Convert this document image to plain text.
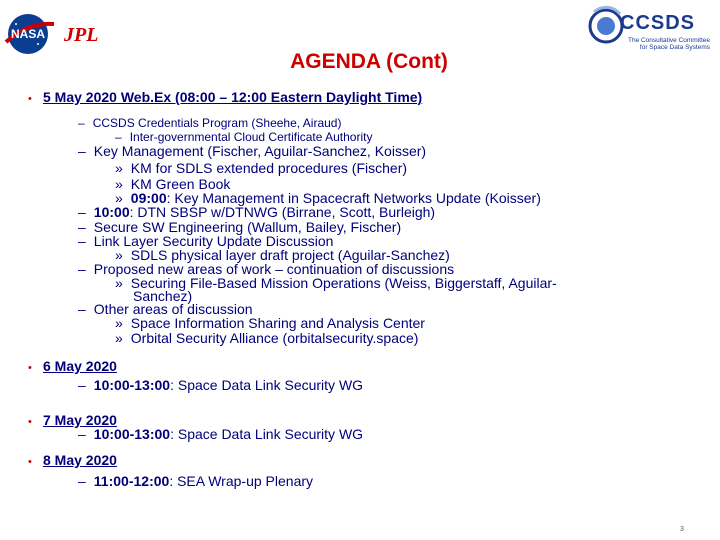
NASA JPL
CCSDS
The Consultative Committee
for Space Data Systems
AGENDA (Cont)
• 5 May 2020 Web.Ex (08:00 – 12:00 Eastern Daylight Time)
– CCSDS Credentials Program (Sheehe, Airaud)
– Inter-governmental Cloud Certificate Authority
– Key Management (Fischer, Aguilar-Sanchez, Koisser)
» KM for SDLS extended procedures (Fischer)
» KM Green Book
» 09:00: Key Management in Spacecraft Networks Update (Koisser)
– 10:00: DTN SBSP w/DTNWG (Birrane, Scott, Burleigh)
– Secure SW Engineering (Wallum, Bailey, Fischer)
– Link Layer Security Update Discussion
» SDLS physical layer draft project (Aguilar-Sanchez)
– Proposed new areas of work – continuation of discussions
» Securing File-Based Mission Operations (Weiss, Biggerstaff, Aguilar-
Sanchez)
– Other areas of discussion
» Space Information Sharing and Analysis Center
» Orbital Security Alliance (orbitalsecurity.space)
• 6 May 2020
– 10:00-13:00: Space Data Link Security WG
• 7 May 2020
– 10:00-13:00: Space Data Link Security WG
• 8 May 2020
– 11:00-12:00: SEA Wrap-up Plenary
3
